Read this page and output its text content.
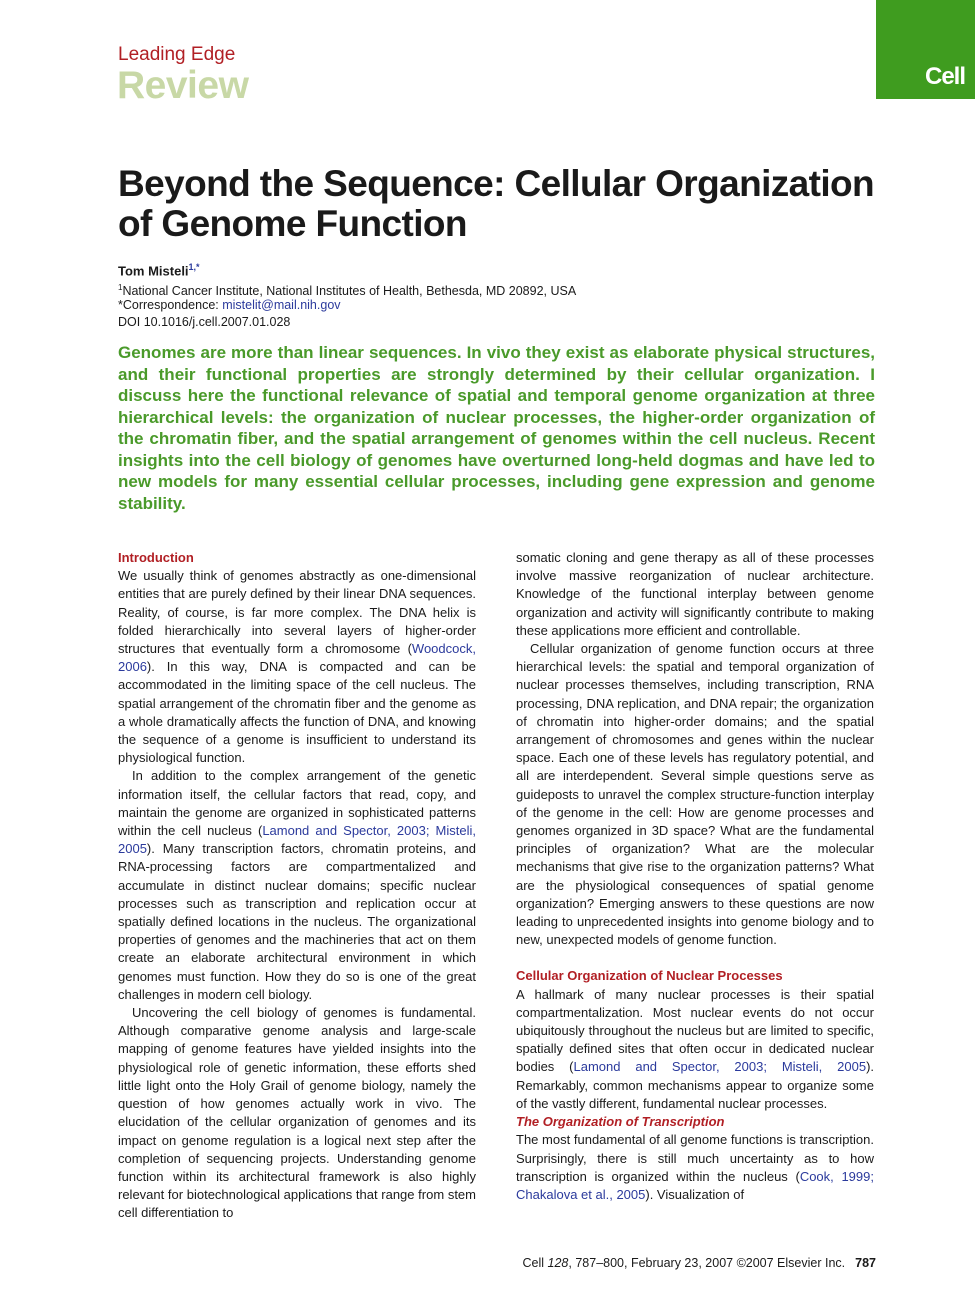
Leading Edge
Review	Cell
Beyond the Sequence: Cellular Organization of Genome Function
Tom Misteli$^{1,*}$
$^1$National Cancer Institute, National Institutes of Health, Bethesda, MD 20892, USA
*Correspondence: mistelit@mail.nih.gov
DOI 10.1016/j.cell.2007.01.028

Genomes are more than linear sequences. In vivo they exist as elaborate physical structures, and their functional properties are strongly determined by their cellular organization. I discuss here the functional relevance of spatial and temporal genome organization at three hierarchical levels: the organization of nuclear processes, the higher-order organization of the chromatin fiber, and the spatial arrangement of genomes within the cell nucleus. Recent insights into the cell biology of genomes have overturned long-held dogmas and have led to new models for many essential cellular processes, including gene expression and genome stability.

Introduction

We usually think of genomes abstractly as one-dimensional entities that are purely defined by their linear DNA sequences. Reality, of course, is far more complex. The DNA helix is folded hierarchically into several layers of higher-order structures that eventually form a chromosome (Woodcock, 2006). In this way, DNA is compacted and can be accommodated in the limiting space of the cell nucleus. The spatial arrangement of the chromatin fiber and the genome as a whole dramatically affects the function of DNA, and knowing the sequence of a genome is insufficient to understand its physiological function.

In addition to the complex arrangement of the genetic information itself, the cellular factors that read, copy, and maintain the genome are organized in sophisticated patterns within the cell nucleus (Lamond and Spector, 2003; Misteli, 2005). Many transcription factors, chromatin proteins, and RNA-processing factors are compartmentalized and accumulate in distinct nuclear domains; specific nuclear processes such as transcription and replication occur at spatially defined locations in the nucleus. The organizational properties of genomes and the machineries that act on them create an elaborate architectural environment in which genomes must function. How they do so is one of the great challenges in modern cell biology.

Uncovering the cell biology of genomes is fundamental. Although comparative genome analysis and large-scale mapping of genome features have yielded insights into the physiological role of genetic information, these efforts shed little light onto the Holy Grail of genome biology, namely the question of how genomes actually work in vivo. The elucidation of the cellular organization of genomes and its impact on genome regulation is a logical next step after the completion of sequencing projects. Understanding genome function within its architectural framework is also highly relevant for biotechnological applications that range from stem cell differentiation to

somatic cloning and gene therapy as all of these processes involve massive reorganization of nuclear architecture. Knowledge of the functional interplay between genome organization and activity will significantly contribute to making these applications more efficient and controllable.

Cellular organization of genome function occurs at three hierarchical levels: the spatial and temporal organization of nuclear processes themselves, including transcription, RNA processing, DNA replication, and DNA repair; the organization of chromatin into higher-order domains; and the spatial arrangement of chromosomes and genes within the nuclear space. Each one of these levels has regulatory potential, and all are interdependent. Several simple questions serve as guideposts to unravel the complex structure-function interplay of the genome in the cell: How are genome processes and genomes organized in 3D space? What are the fundamental principles of organization? What are the molecular mechanisms that give rise to the organization patterns? What are the physiological consequences of spatial genome organization? Emerging answers to these questions are now leading to unprecedented insights into genome biology and to new, unexpected models of genome function.

Cellular Organization of Nuclear Processes

A hallmark of many nuclear processes is their spatial compartmentalization. Most nuclear events do not occur ubiquitously throughout the nucleus but are limited to specific, spatially defined sites that often occur in dedicated nuclear bodies (Lamond and Spector, 2003; Misteli, 2005). Remarkably, common mechanisms appear to organize some of the vastly different, fundamental nuclear processes.

The Organization of Transcription

The most fundamental of all genome functions is transcription. Surprisingly, there is still much uncertainty as to how transcription is organized within the nucleus (Cook, 1999; Chakalova et al., 2005). Visualization of

Cell 128, 787–800, February 23, 2007 ©2007 Elsevier Inc. 787
